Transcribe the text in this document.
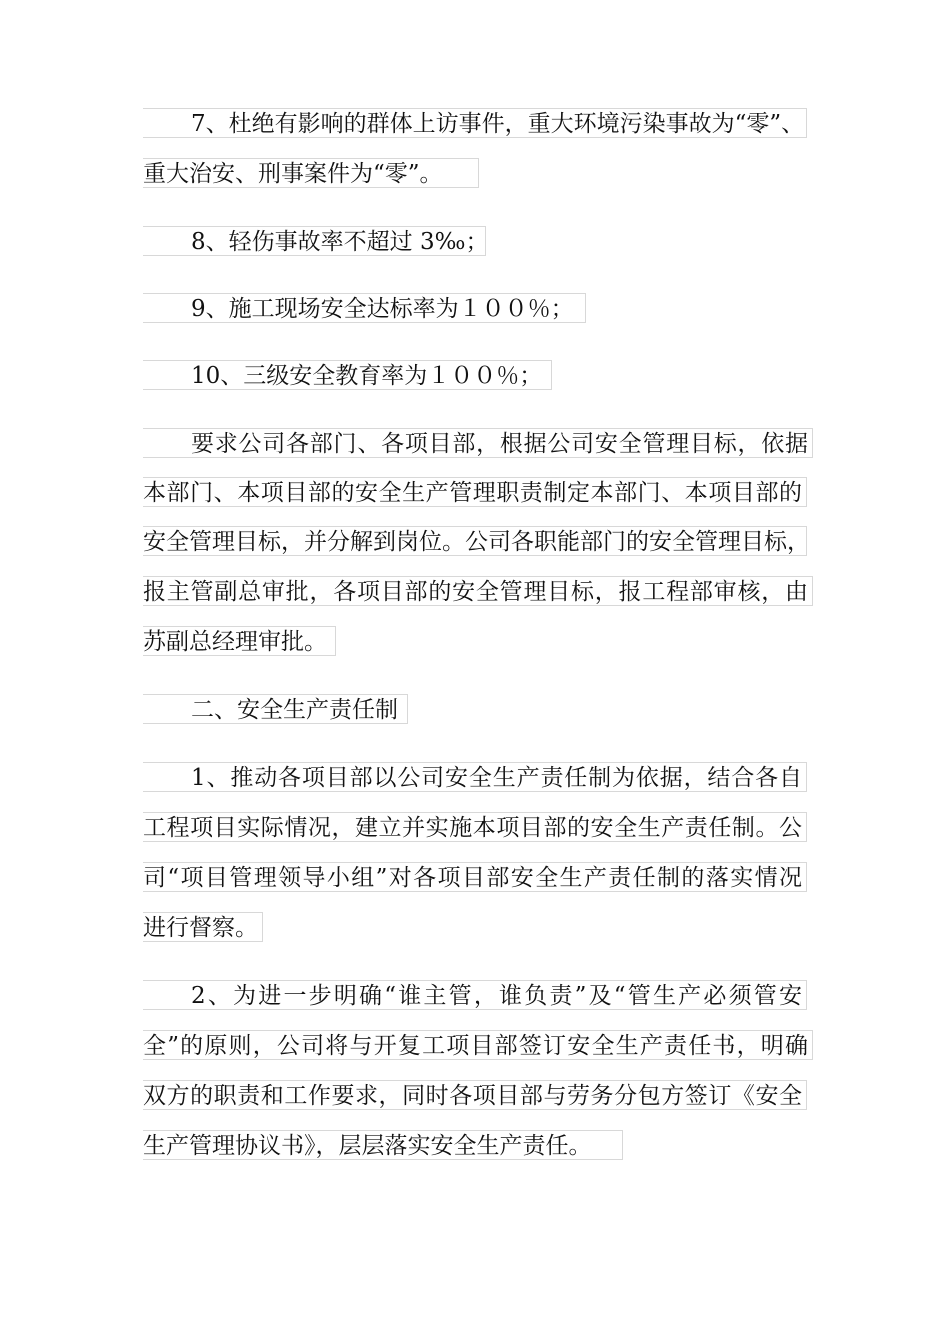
7、杜绝有影响的群体上访事件，重大环境污染事故为“零”、
重大治安、刑事案件为“零”。
8、轻伤事故率不超过 3‰；
9、施工现场安全达标率为１００％；
10、三级安全教育率为１００％；
要求公司各部门、各项目部，根据公司安全管理目标，依据
本部门、本项目部的安全生产管理职责制定本部门、本项目部的
安全管理目标，并分解到岗位。公司各职能部门的安全管理目标，
报主管副总审批，各项目部的安全管理目标，报工程部审核，由
苏副总经理审批。
二、安全生产责任制
1、推动各项目部以公司安全生产责任制为依据，结合各自
工程项目实际情况，建立并实施本项目部的安全生产责任制。公
司“项目管理领导小组”对各项目部安全生产责任制的落实情况
进行督察。
2、为进一步明确“谁主管，谁负责”及“管生产必须管安
全”的原则，公司将与开复工项目部签订安全生产责任书，明确
双方的职责和工作要求，同时各项目部与劳务分包方签订《安全
生产管理协议书》，层层落实安全生产责任。
